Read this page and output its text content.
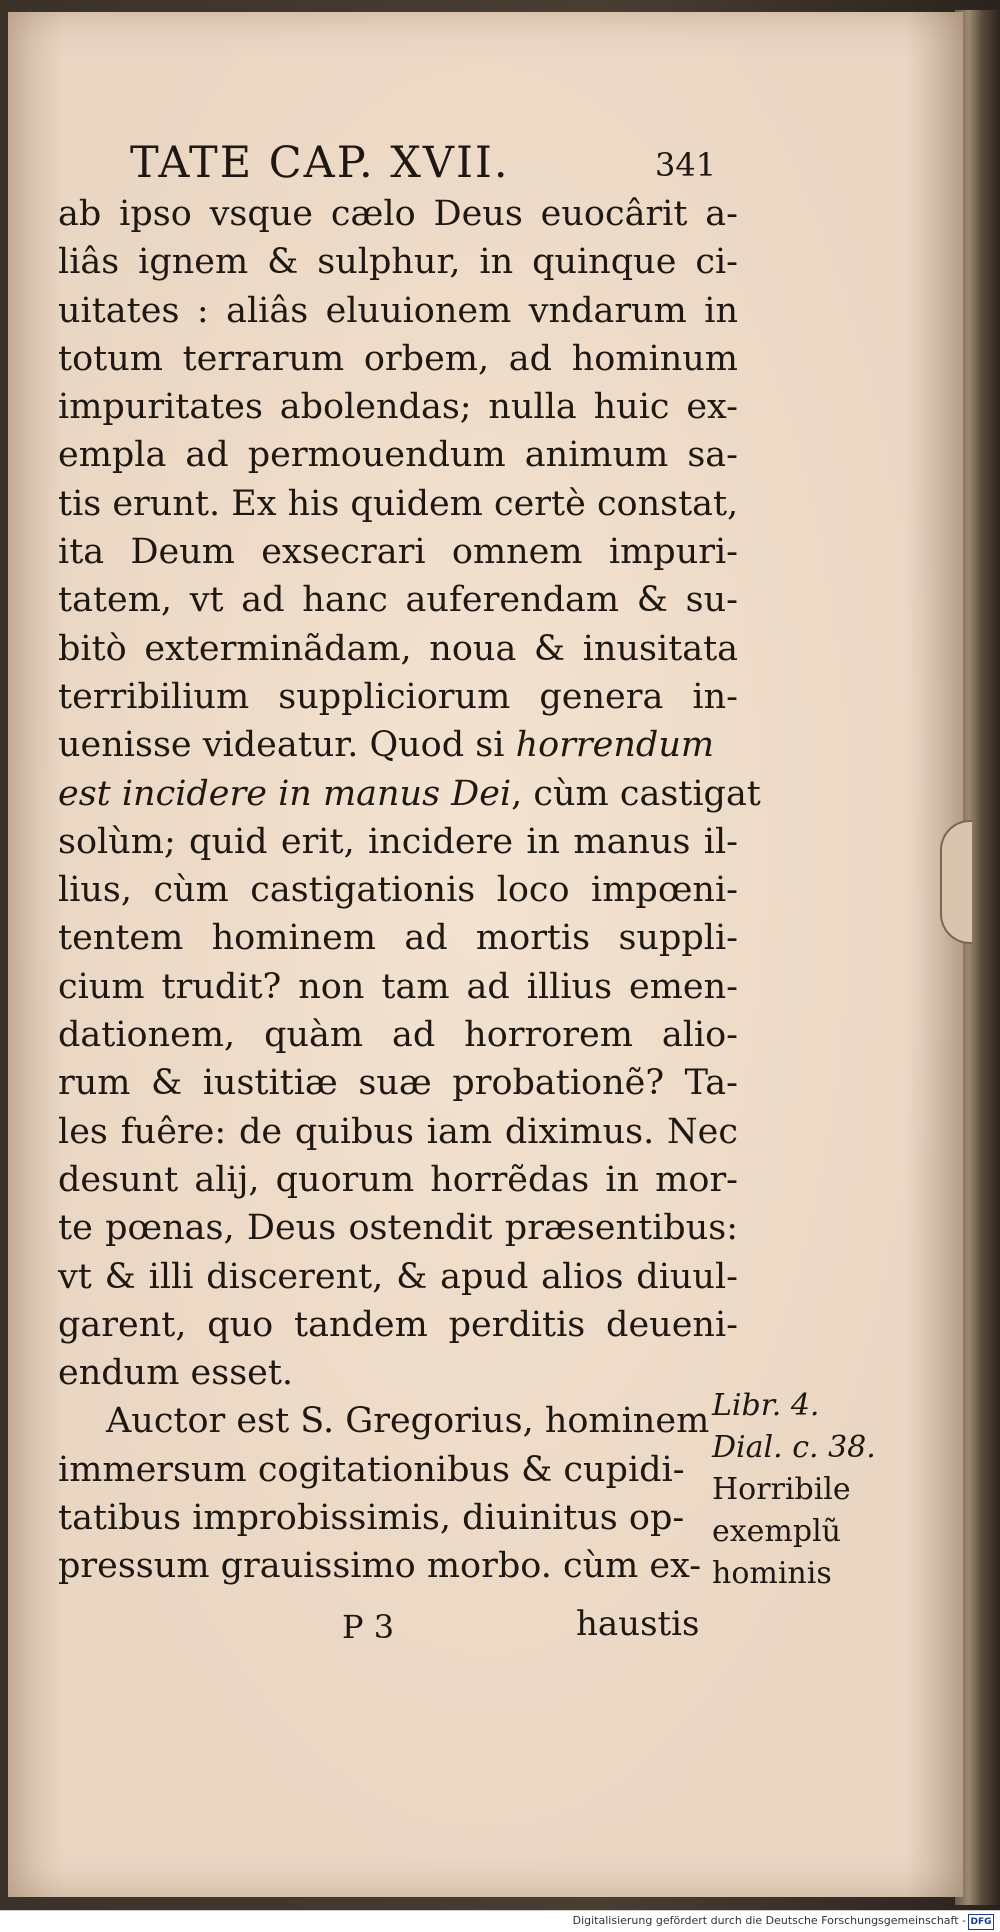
TATE CAP. XVII.	341
ab ipso vsque cælo Deus euocârit a-
liâs ignem & sulphur, in quinque ci-
uitates : aliâs eluuionem vndarum in
totum terrarum orbem, ad hominum
impuritates abolendas; nulla huic ex-
empla ad permouendum animum sa-
tis erunt. Ex his quidem certè constat,
ita Deum exsecrari omnem impuri-
tatem, vt ad hanc auferendam & su-
bitò exterminãdam, noua & inusitata
terribilium suppliciorum genera in-
uenisse videatur. Quod si horrendum
est incidere in manus Dei, cùm castigat
solùm; quid erit, incidere in manus il-
lius, cùm castigationis loco impœni-
tentem hominem ad mortis suppli-
cium trudit? non tam ad illius emen-
dationem, quàm ad horrorem alio-
rum & iustitiæ suæ probationẽ? Ta-
les fuêre: de quibus iam diximus. Nec
desunt alij, quorum horrẽdas in mor-
te pœnas, Deus ostendit præsentibus:
vt & illi discerent, & apud alios diuul-
garent, quo tandem perditis deueni-
endum esset.
Auctor est S. Gregorius, hominem
immersum cogitationibus & cupidi-
tatibus improbissimis, diuinitus op-
pressum grauissimo morbo. cùm ex-
Libr. 4.
Dial. c. 38.
Horribile
exemplũ
hominis
P 3	haustis
Digitalisierung gefördert durch die Deutsche Forschungsgemeinschaft - DFG
